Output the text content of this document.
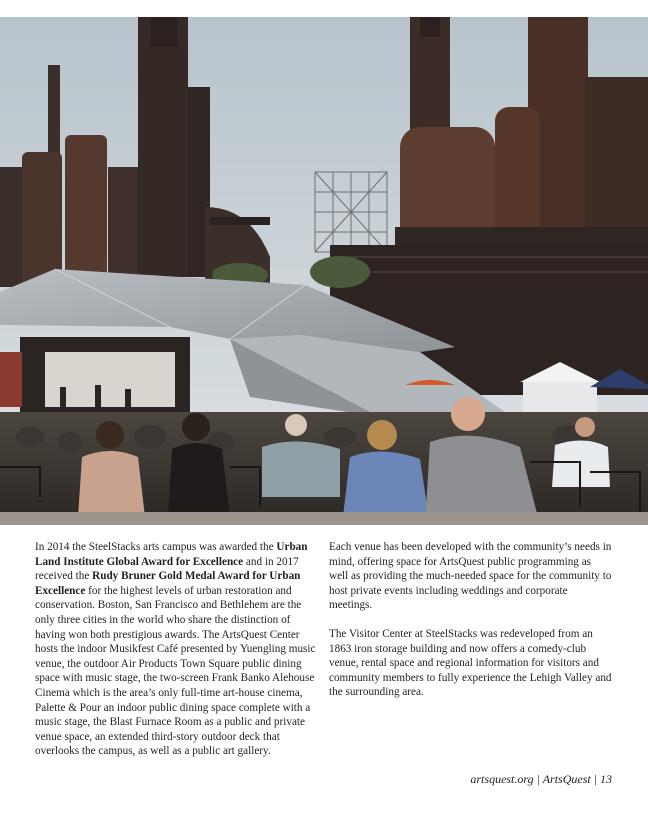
In 2014 the SteelStacks arts campus was awarded the Urban Land Institute Global Award for Excellence and in 2017 received the Rudy Bruner Gold Medal Award for Urban Excellence for the highest levels of urban restoration and conservation. Boston, San Francisco and Bethlehem are the only three cities in the world who share the distinction of having won both prestigious awards. The ArtsQuest Center hosts the indoor Musikfest Café presented by Yuengling music venue, the outdoor Air Products Town Square public dining space with music stage, the two-screen Frank Banko Alehouse Cinema which is the area’s only full-time art-house cinema, Palette & Pour an indoor public dining space complete with a music stage, the Blast Furnace Room as a public and private venue space, an extended third-story outdoor deck that overlooks the campus, as well as a public art gallery.

Each venue has been developed with the community’s needs in mind, offering space for ArtsQuest public programming as well as providing the much-needed space for the community to host private events including weddings and corporate meetings.

The Visitor Center at SteelStacks was redeveloped from an 1863 iron storage building and now offers a comedy-club venue, rental space and regional information for visitors and community members to fully experience the Lehigh Valley and the surrounding area.

artsquest.org | ArtsQuest | 13
